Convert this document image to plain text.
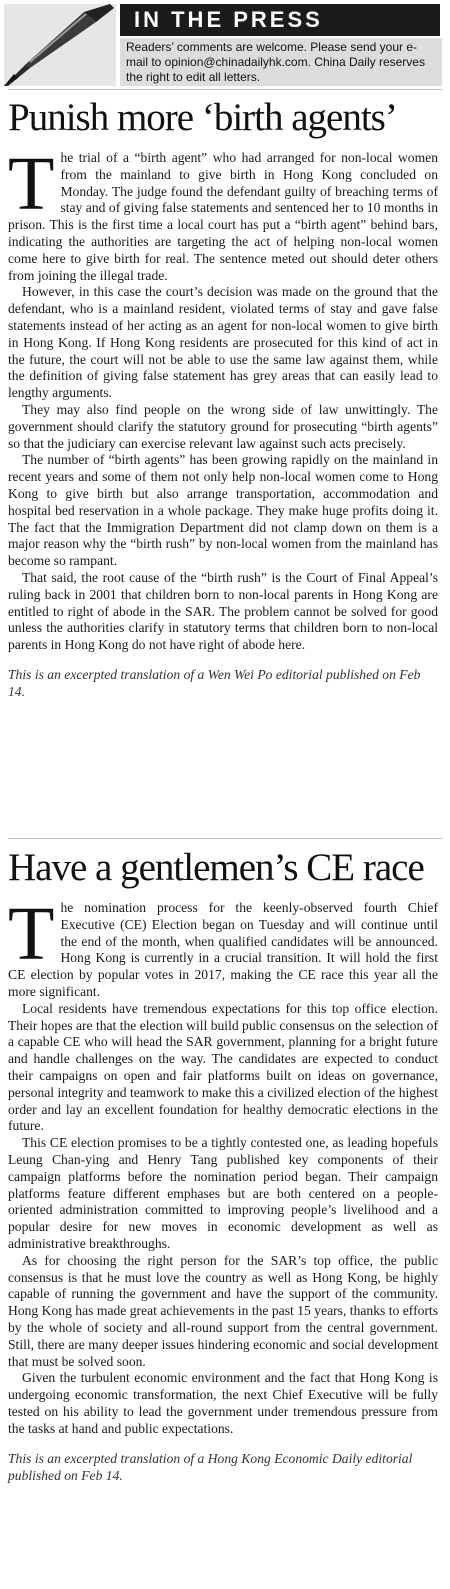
IN THE PRESS
Readers’ comments are welcome. Please send your e-mail to opinion@chinadailyhk.com. China Daily reserves the right to edit all letters.
Punish more ‘birth agents’

The trial of a “birth agent” who had arranged for non-local women from the mainland to give birth in Hong Kong concluded on Monday. The judge found the defendant guilty of breaching terms of stay and of giving false statements and sentenced her to 10 months in prison. This is the first time a local court has put a “birth agent” behind bars, indicating the authorities are targeting the act of helping non-local women come here to give birth for real. The sentence meted out should deter others from joining the illegal trade.

However, in this case the court’s decision was made on the ground that the defendant, who is a mainland resident, violated terms of stay and gave false statements instead of her acting as an agent for non-local women to give birth in Hong Kong. If Hong Kong residents are prosecuted for this kind of act in the future, the court will not be able to use the same law against them, while the definition of giving false statement has grey areas that can easily lead to lengthy arguments.

They may also find people on the wrong side of law unwittingly. The government should clarify the statutory ground for prosecuting “birth agents” so that the judiciary can exercise relevant law against such acts precisely.

The number of “birth agents” has been growing rapidly on the mainland in recent years and some of them not only help non-local women come to Hong Kong to give birth but also arrange transportation, accommodation and hospital bed reservation in a whole package. They make huge profits doing it. The fact that the Immigration Department did not clamp down on them is a major reason why the “birth rush” by non-local women from the mainland has become so rampant.

That said, the root cause of the “birth rush” is the Court of Final Appeal’s ruling back in 2001 that children born to non-local parents in Hong Kong are entitled to right of abode in the SAR. The problem cannot be solved for good unless the authorities clarify in statutory terms that children born to non-local parents in Hong Kong do not have right of abode here.

This is an excerpted translation of a Wen Wei Po editorial published on Feb 14.
Have a gentlemen’s CE race

The nomination process for the keenly-observed fourth Chief Executive (CE) Election began on Tuesday and will continue until the end of the month, when qualified candidates will be announced. Hong Kong is currently in a crucial transition. It will hold the first CE election by popular votes in 2017, making the CE race this year all the more significant.

Local residents have tremendous expectations for this top office election. Their hopes are that the election will build public consensus on the selection of a capable CE who will head the SAR government, planning for a bright future and handle challenges on the way. The candidates are expected to conduct their campaigns on open and fair platforms built on ideas on governance, personal integrity and teamwork to make this a civilized election of the highest order and lay an excellent foundation for healthy democratic elections in the future.

This CE election promises to be a tightly contested one, as leading hopefuls Leung Chan-ying and Henry Tang published key components of their campaign platforms before the nomination period began. Their campaign platforms feature different emphases but are both centered on a people-oriented administration committed to improving people’s livelihood and a popular desire for new moves in economic development as well as administrative breakthroughs.

As for choosing the right person for the SAR’s top office, the public consensus is that he must love the country as well as Hong Kong, be highly capable of running the government and have the support of the community. Hong Kong has made great achievements in the past 15 years, thanks to efforts by the whole of society and all-round support from the central government. Still, there are many deeper issues hindering economic and social development that must be solved soon.

Given the turbulent economic environment and the fact that Hong Kong is undergoing economic transformation, the next Chief Executive will be fully tested on his ability to lead the government under tremendous pressure from the tasks at hand and public expectations.

This is an excerpted translation of a Hong Kong Economic Daily editorial published on Feb 14.
